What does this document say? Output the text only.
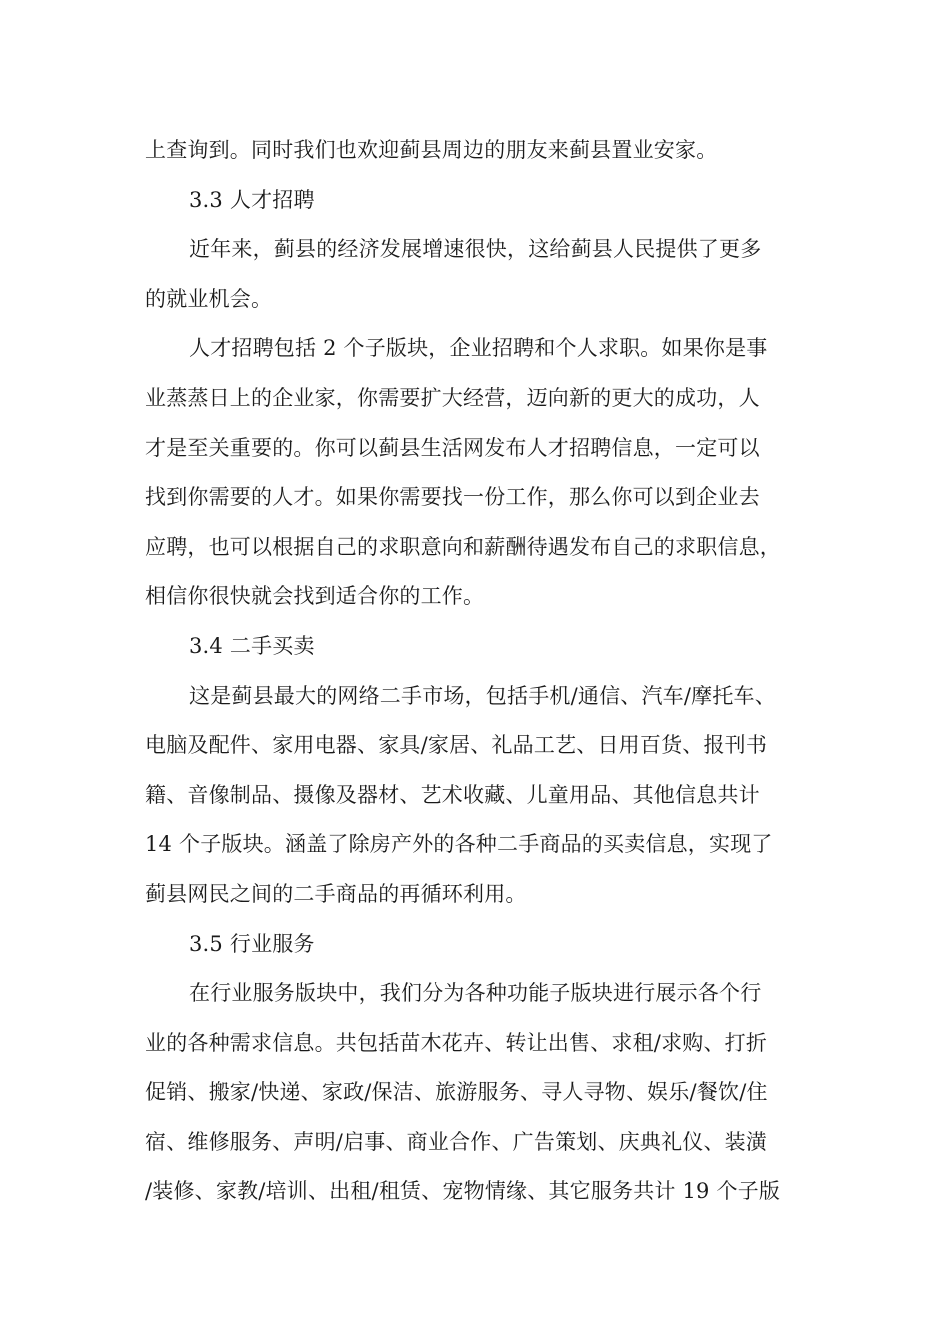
上查询到。同时我们也欢迎蓟县周边的朋友来蓟县置业安家。
3.3 人才招聘
近年来，蓟县的经济发展增速很快，这给蓟县人民提供了更多
的就业机会。
人才招聘包括 2 个子版块，企业招聘和个人求职。如果你是事
业蒸蒸日上的企业家，你需要扩大经营，迈向新的更大的成功，人
才是至关重要的。你可以蓟县生活网发布人才招聘信息，一定可以
找到你需要的人才。如果你需要找一份工作，那么你可以到企业去
应聘，也可以根据自己的求职意向和薪酬待遇发布自己的求职信息，
相信你很快就会找到适合你的工作。
3.4 二手买卖
这是蓟县最大的网络二手市场，包括手机/通信、汽车/摩托车、
电脑及配件、家用电器、家具/家居、礼品工艺、日用百货、报刊书
籍、音像制品、摄像及器材、艺术收藏、儿童用品、其他信息共计
14 个子版块。涵盖了除房产外的各种二手商品的买卖信息，实现了
蓟县网民之间的二手商品的再循环利用。
3.5 行业服务
在行业服务版块中，我们分为各种功能子版块进行展示各个行
业的各种需求信息。共包括苗木花卉、转让出售、求租/求购、打折
促销、搬家/快递、家政/保洁、旅游服务、寻人寻物、娱乐/餐饮/住
宿、维修服务、声明/启事、商业合作、广告策划、庆典礼仪、装潢
/装修、家教/培训、出租/租赁、宠物情缘、其它服务共计 19 个子版
